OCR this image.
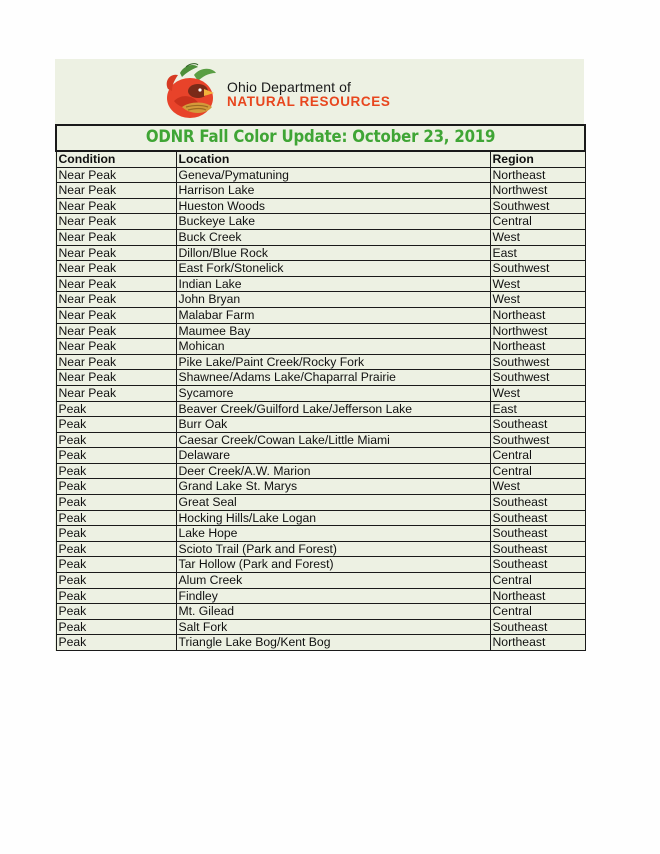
Ohio Department of
NATURAL RESOURCES
ODNR Fall Color Update: October 23, 2019		
Condition	Location	Region
Near Peak	Geneva/Pymatuning	Northeast
Near Peak	Harrison Lake	Northwest
Near Peak	Hueston Woods	Southwest
Near Peak	Buckeye Lake	Central
Near Peak	Buck Creek	West
Near Peak	Dillon/Blue Rock	East
Near Peak	East Fork/Stonelick	Southwest
Near Peak	Indian Lake	West
Near Peak	John Bryan	West
Near Peak	Malabar Farm	Northeast
Near Peak	Maumee Bay	Northwest
Near Peak	Mohican	Northeast
Near Peak	Pike Lake/Paint Creek/Rocky Fork	Southwest
Near Peak	Shawnee/Adams Lake/Chaparral Prairie	Southwest
Near Peak	Sycamore	West
Peak	Beaver Creek/Guilford Lake/Jefferson Lake	East
Peak	Burr Oak	Southeast
Peak	Caesar Creek/Cowan Lake/Little Miami	Southwest
Peak	Delaware	Central
Peak	Deer Creek/A.W. Marion	Central
Peak	Grand Lake St. Marys	West
Peak	Great Seal	Southeast
Peak	Hocking Hills/Lake Logan	Southeast
Peak	Lake Hope	Southeast
Peak	Scioto Trail (Park and Forest)	Southeast
Peak	Tar Hollow (Park and Forest)	Southeast
Peak	Alum Creek	Central
Peak	Findley	Northeast
Peak	Mt. Gilead	Central
Peak	Salt Fork	Southeast
Peak	Triangle Lake Bog/Kent Bog	Northeast
